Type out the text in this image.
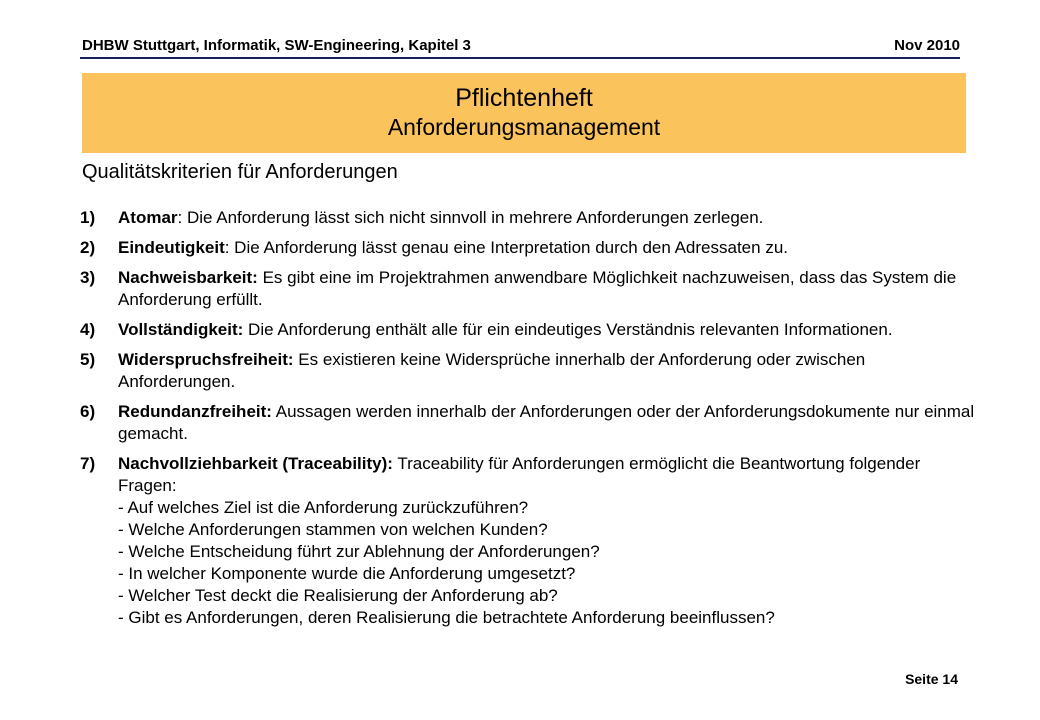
DHBW Stuttgart, Informatik, SW-Engineering, Kapitel 3	Nov 2010
Pflichtenheft
Anforderungsmanagement
Qualitätskriterien für Anforderungen
1) Atomar: Die Anforderung lässt sich nicht sinnvoll in mehrere Anforderungen zerlegen.
2) Eindeutigkeit: Die Anforderung lässt genau eine Interpretation durch den Adressaten zu.
3) Nachweisbarkeit: Es gibt eine im Projektrahmen anwendbare Möglichkeit nachzuweisen, dass das System die Anforderung erfüllt.
4) Vollständigkeit: Die Anforderung enthält alle für ein eindeutiges Verständnis relevanten Informationen.
5) Widerspruchsfreiheit: Es existieren keine Widersprüche innerhalb der Anforderung oder zwischen Anforderungen.
6) Redundanzfreiheit: Aussagen werden innerhalb der Anforderungen oder der Anforderungsdokumente nur einmal gemacht.
7) Nachvollziehbarkeit (Traceability): Traceability für Anforderungen ermöglicht die Beantwortung folgender Fragen:
- Auf welches Ziel ist die Anforderung zurückzuführen?
- Welche Anforderungen stammen von welchen Kunden?
- Welche Entscheidung führt zur Ablehnung der Anforderungen?
- In welcher Komponente wurde die Anforderung umgesetzt?
- Welcher Test deckt die Realisierung der Anforderung ab?
- Gibt es Anforderungen, deren Realisierung die betrachtete Anforderung beeinflussen?
Seite 14
